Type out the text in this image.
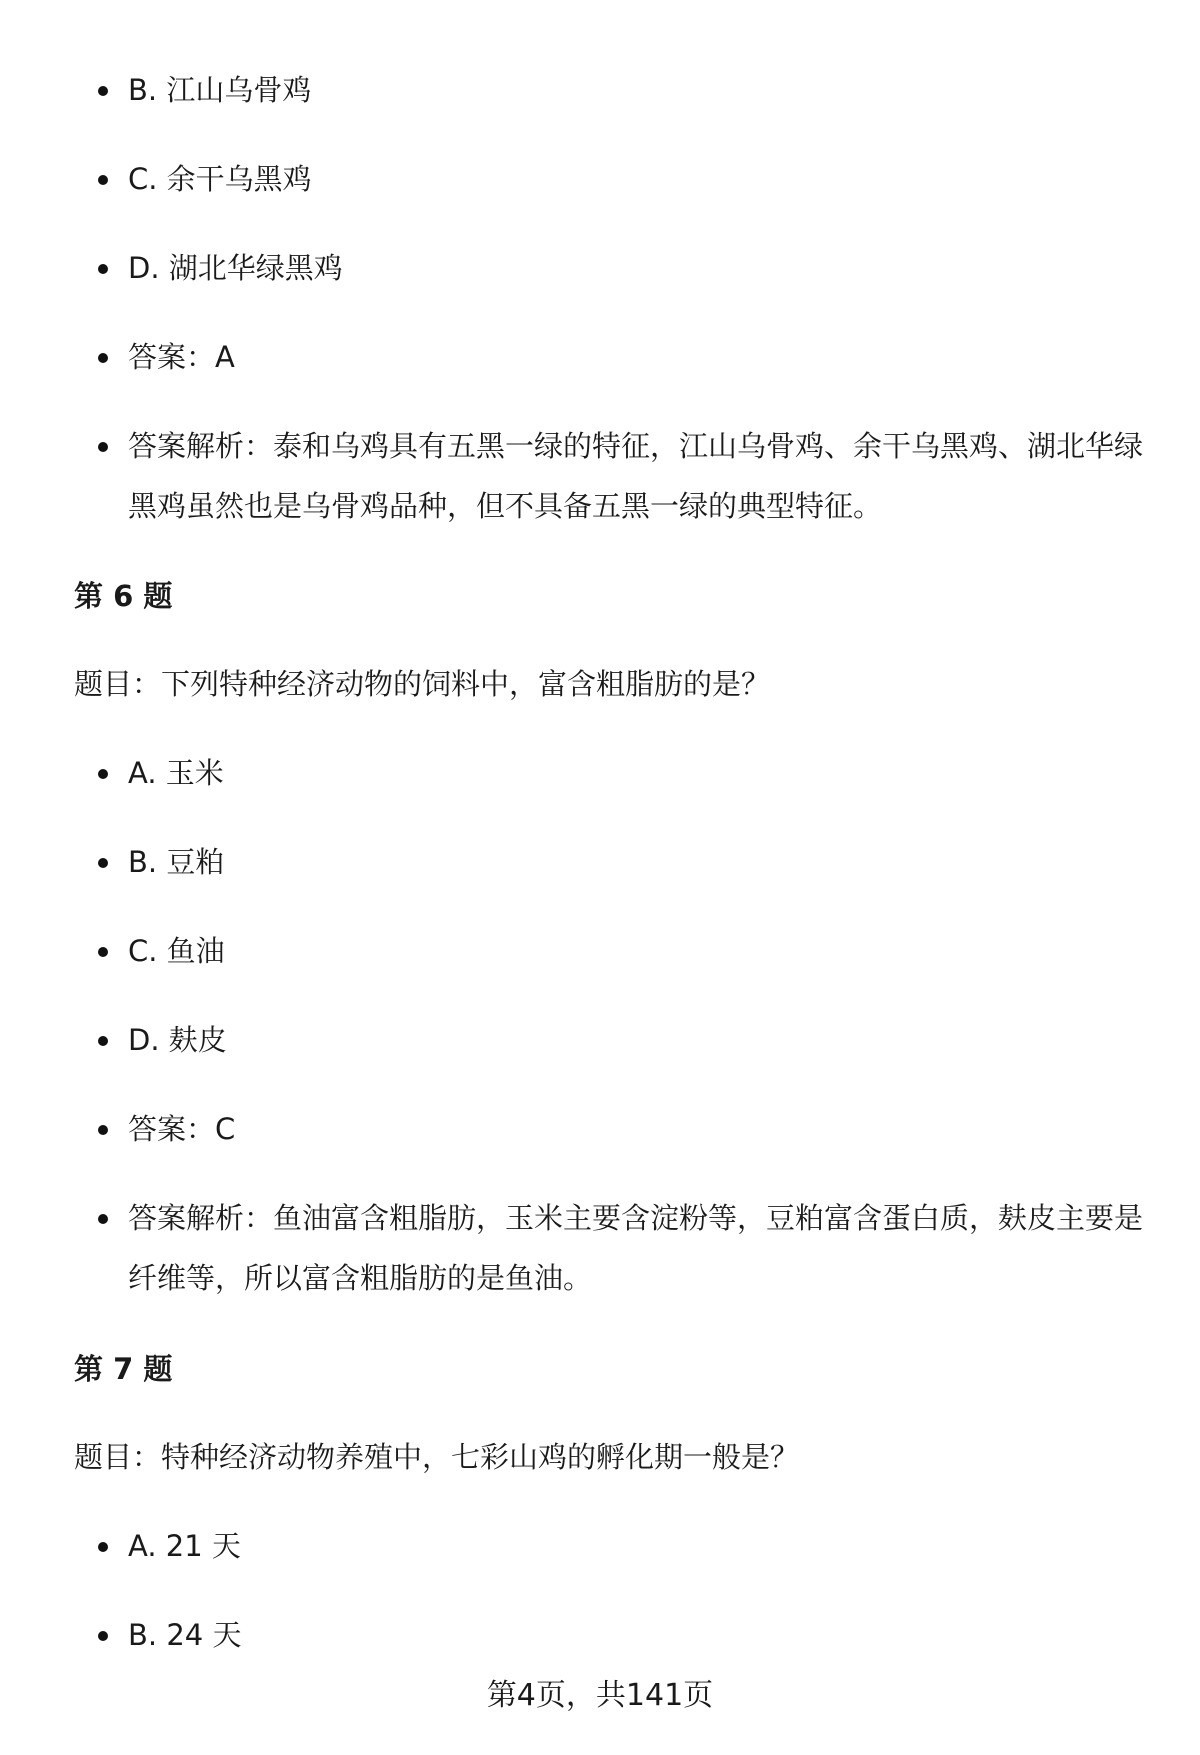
B. 江山乌骨鸡
C. 余干乌黑鸡
D. 湖北华绿黑鸡
答案：A
答案解析：泰和乌鸡具有五黑一绿的特征，江山乌骨鸡、余干乌黑鸡、湖北华绿黑鸡虽然也是乌骨鸡品种，但不具备五黑一绿的典型特征。
第 6 题
题目：下列特种经济动物的饲料中，富含粗脂肪的是？
A. 玉米
B. 豆粕
C. 鱼油
D. 麸皮
答案：C
答案解析：鱼油富含粗脂肪，玉米主要含淀粉等，豆粕富含蛋白质，麸皮主要是纤维等，所以富含粗脂肪的是鱼油。
第 7 题
题目：特种经济动物养殖中，七彩山鸡的孵化期一般是？
A. 21 天
B. 24 天
第4页，共141页
